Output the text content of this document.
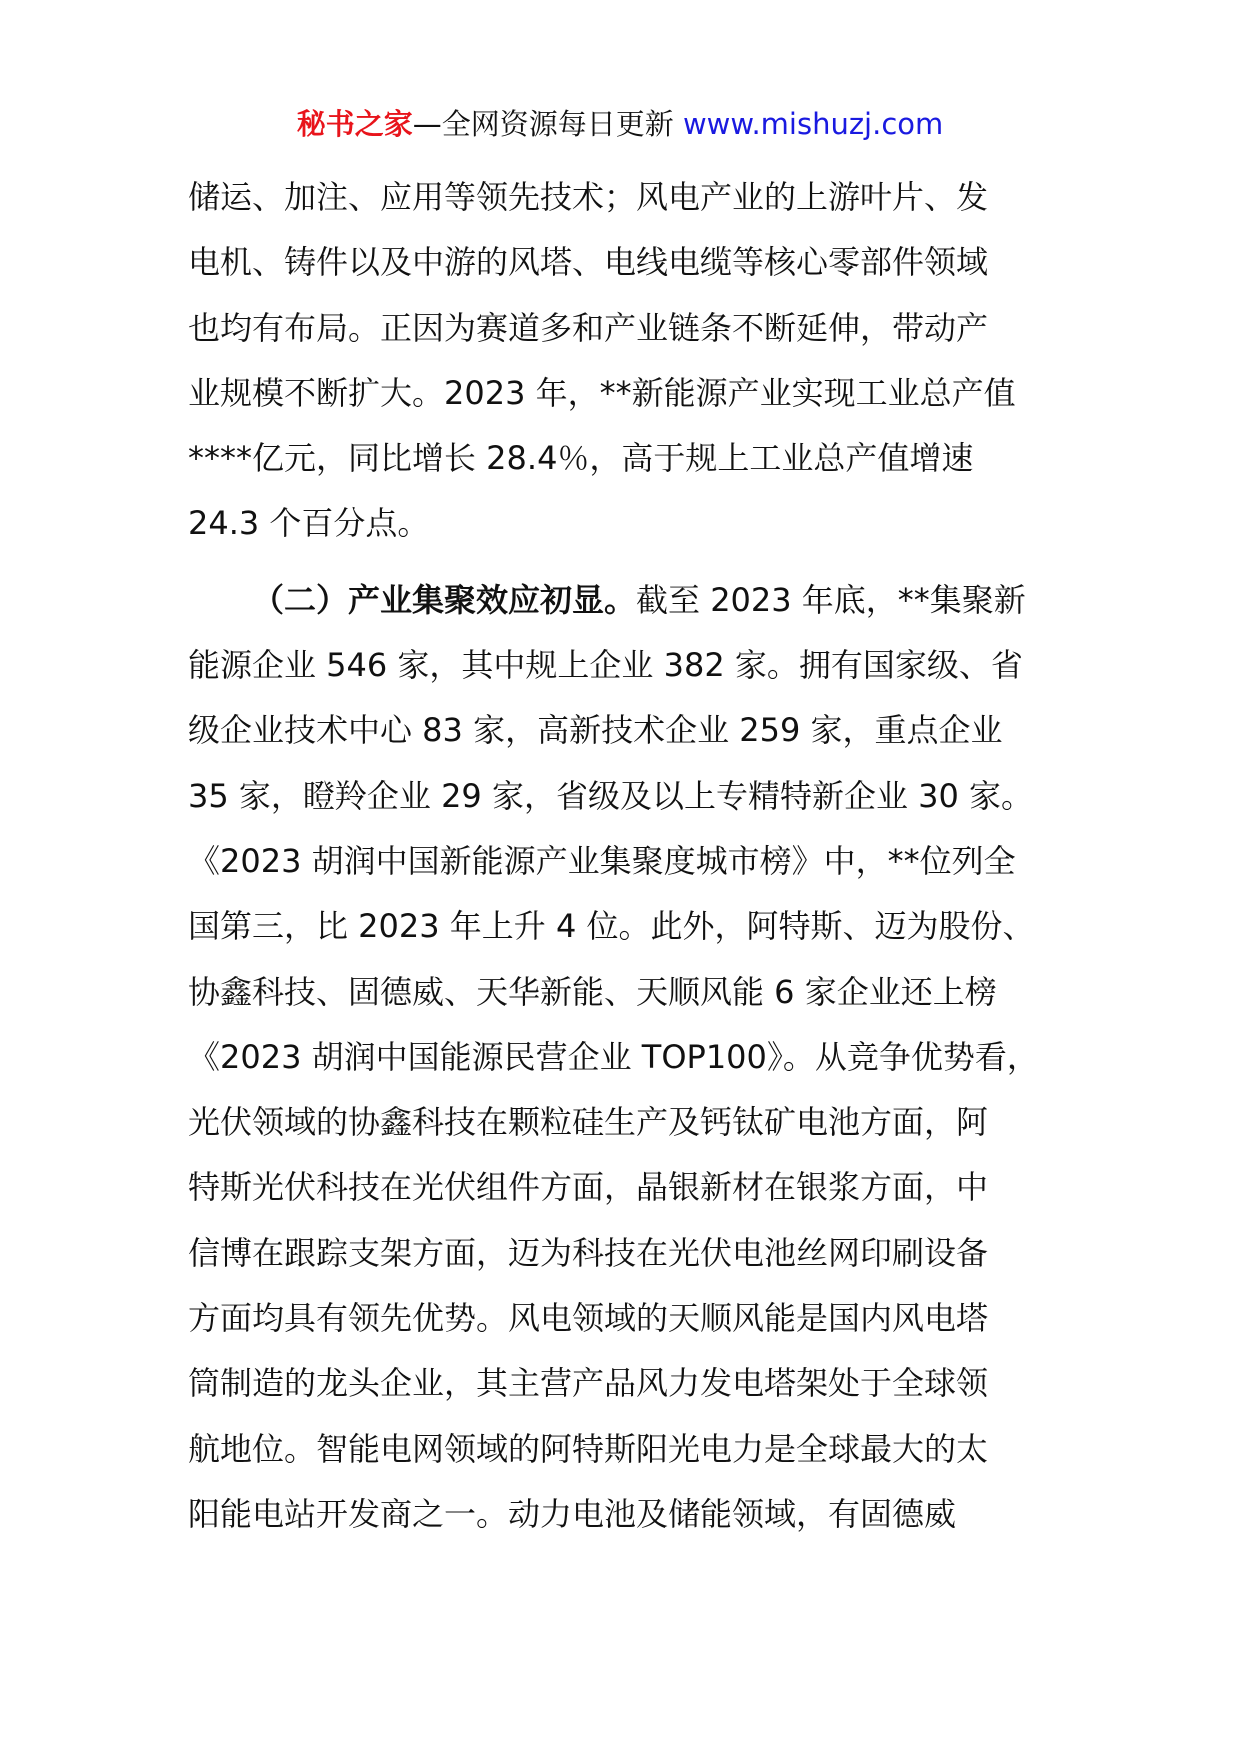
秘书之家—全网资源每日更新 www.mishuzj.com
储运、加注、应用等领先技术；风电产业的上游叶片、发
电机、铸件以及中游的风塔、电线电缆等核心零部件领域
也均有布局。正因为赛道多和产业链条不断延伸，带动产
业规模不断扩大。2023 年，**新能源产业实现工业总产值
****亿元，同比增长 28.4％，高于规上工业总产值增速
24.3 个百分点。
（二）产业集聚效应初显。截至 2023 年底，**集聚新
能源企业 546 家，其中规上企业 382 家。拥有国家级、省
级企业技术中心 83 家，高新技术企业 259 家，重点企业
35 家，瞪羚企业 29 家，省级及以上专精特新企业 30 家。
《2023 胡润中国新能源产业集聚度城市榜》中，**位列全
国第三，比 2023 年上升 4 位。此外，阿特斯、迈为股份、
协鑫科技、固德威、天华新能、天顺风能 6 家企业还上榜
《2023 胡润中国能源民营企业 TOP100》。从竞争优势看，
光伏领域的协鑫科技在颗粒硅生产及钙钛矿电池方面，阿
特斯光伏科技在光伏组件方面，晶银新材在银浆方面，中
信博在跟踪支架方面，迈为科技在光伏电池丝网印刷设备
方面均具有领先优势。风电领域的天顺风能是国内风电塔
筒制造的龙头企业，其主营产品风力发电塔架处于全球领
航地位。智能电网领域的阿特斯阳光电力是全球最大的太
阳能电站开发商之一。动力电池及储能领域，有固德威
